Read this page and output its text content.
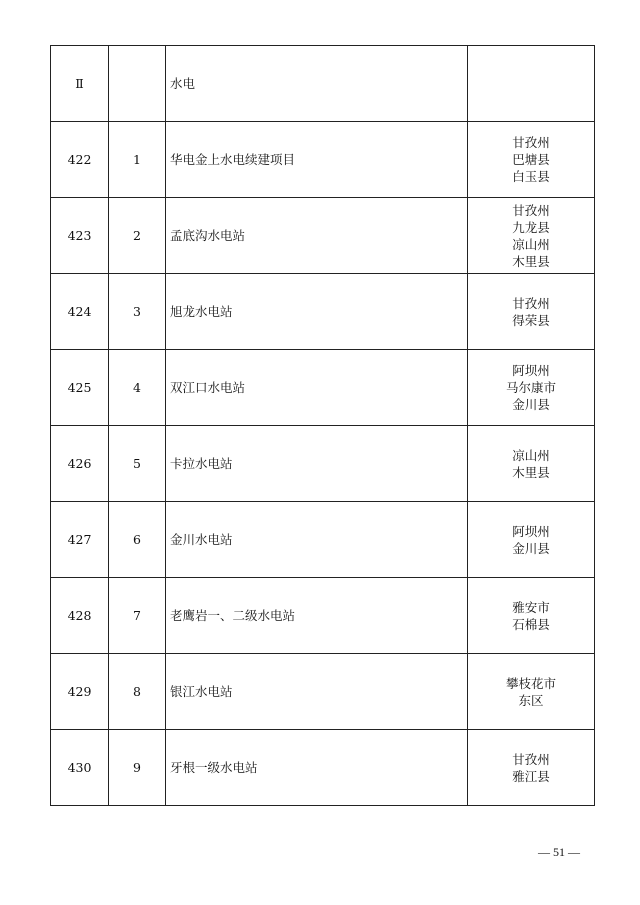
Ⅱ		水电	
422	1	华电金上水电续建项目	甘孜州
巴塘县
白玉县

423	2	孟底沟水电站	甘孜州
九龙县
凉山州
木里县

424	3	旭龙水电站	甘孜州
得荣县

425	4	双江口水电站	阿坝州
马尔康市
金川县

426	5	卡拉水电站	凉山州
木里县

427	6	金川水电站	阿坝州
金川县

428	7	老鹰岩一、二级水电站	雅安市
石棉县

429	8	银江水电站	攀枝花市
东区

430	9	牙根一级水电站	甘孜州
雅江县
— 51 —
